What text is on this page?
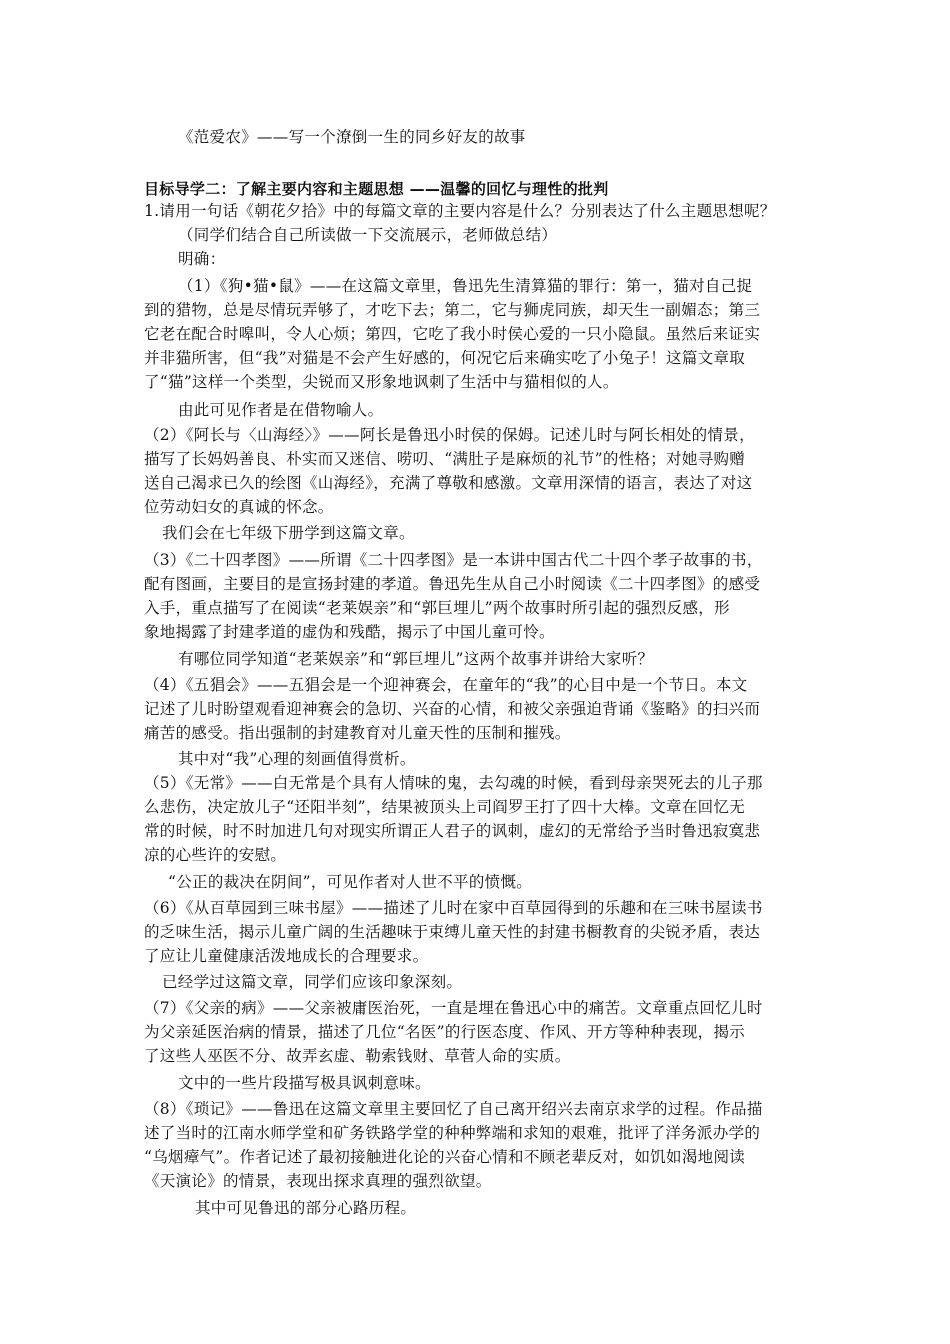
《范爱农》——写一个潦倒一生的同乡好友的故事
目标导学二：了解主要内容和主题思想 ——温馨的回忆与理性的批判
1.请用一句话《朝花夕拾》中的每篇文章的主要内容是什么？分别表达了什么主题思想呢？
（同学们结合自己所读做一下交流展示，老师做总结）
明确：
（1）《狗•猫•鼠》——在这篇文章里，鲁迅先生清算猫的罪行：第一，猫对自己捉
到的猎物，总是尽情玩弄够了，才吃下去；第二，它与狮虎同族，却天生一副媚态；第三
它老在配合时嗥叫，令人心烦；第四，它吃了我小时侯心爱的一只小隐鼠。虽然后来证实
并非猫所害，但“我”对猫是不会产生好感的，何况它后来确实吃了小兔子！这篇文章取
了“猫”这样一个类型，尖锐而又形象地讽刺了生活中与猫相似的人。
由此可见作者是在借物喻人。
（2）《阿长与〈山海经〉》——阿长是鲁迅小时侯的保姆。记述儿时与阿长相处的情景，
描写了长妈妈善良、朴实而又迷信、唠叨、“满肚子是麻烦的礼节”的性格；对她寻购赠
送自己渴求已久的绘图《山海经》，充满了尊敬和感激。文章用深情的语言，表达了对这
位劳动妇女的真诚的怀念。
我们会在七年级下册学到这篇文章。
（3）《二十四孝图》——所谓《二十四孝图》是一本讲中国古代二十四个孝子故事的书，
配有图画，主要目的是宣扬封建的孝道。鲁迅先生从自己小时阅读《二十四孝图》的感受
入手，重点描写了在阅读“老莱娱亲”和“郭巨埋儿”两个故事时所引起的强烈反感，形
象地揭露了封建孝道的虚伪和残酷，揭示了中国儿童可怜。
有哪位同学知道“老莱娱亲”和“郭巨埋儿”这两个故事并讲给大家听？
（4）《五猖会》——五猖会是一个迎神赛会，在童年的“我”的心目中是一个节日。本文
记述了儿时盼望观看迎神赛会的急切、兴奋的心情，和被父亲强迫背诵《鉴略》的扫兴而
痛苦的感受。指出强制的封建教育对儿童天性的压制和摧残。
其中对“我”心理的刻画值得赏析。
（5）《无常》——白无常是个具有人情味的鬼，去勾魂的时候，看到母亲哭死去的儿子那
么悲伤，决定放儿子“还阳半刻”，结果被顶头上司阎罗王打了四十大棒。文章在回忆无
常的时候，时不时加进几句对现实所谓正人君子的讽刺，虚幻的无常给予当时鲁迅寂寞悲
凉的心些许的安慰。
“公正的裁决在阴间”，可见作者对人世不平的愤慨。
（6）《从百草园到三味书屋》——描述了儿时在家中百草园得到的乐趣和在三味书屋读书
的乏味生活，揭示儿童广阔的生活趣味于束缚儿童天性的封建书橱教育的尖锐矛盾，表达
了应让儿童健康活泼地成长的合理要求。
已经学过这篇文章，同学们应该印象深刻。
（7）《父亲的病》——父亲被庸医治死，一直是埋在鲁迅心中的痛苦。文章重点回忆儿时
为父亲延医治病的情景，描述了几位“名医”的行医态度、作风、开方等种种表现，揭示
了这些人巫医不分、故弄玄虚、勒索钱财、草菅人命的实质。
文中的一些片段描写极具讽刺意味。
（8）《琐记》——鲁迅在这篇文章里主要回忆了自己离开绍兴去南京求学的过程。作品描
述了当时的江南水师学堂和矿务铁路学堂的种种弊端和求知的艰难，批评了洋务派办学的
“乌烟瘴气”。作者记述了最初接触进化论的兴奋心情和不顾老辈反对，如饥如渴地阅读
《天演论》的情景，表现出探求真理的强烈欲望。
其中可见鲁迅的部分心路历程。
